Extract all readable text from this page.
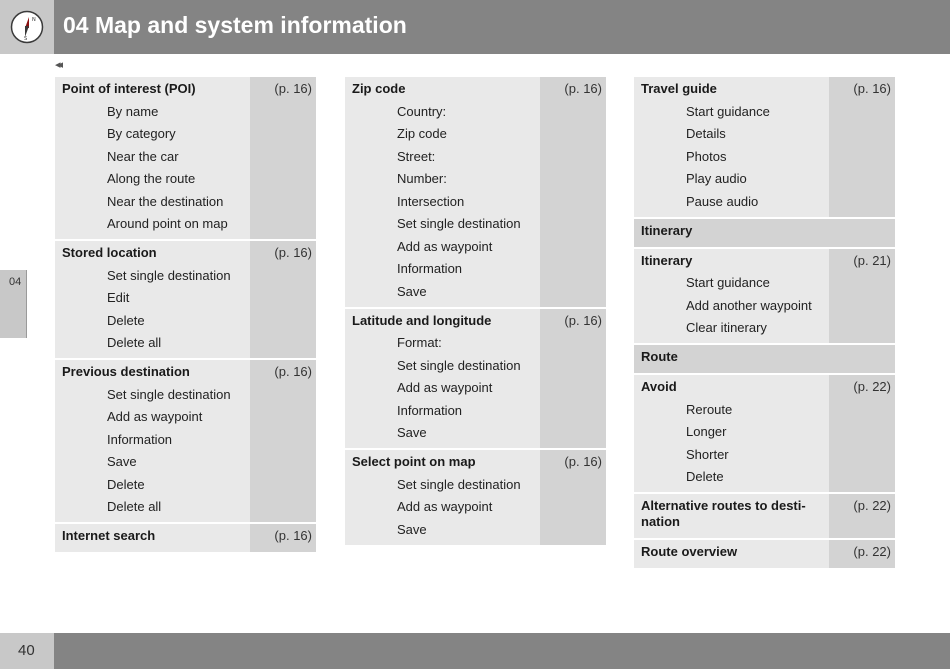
N
S
04 Map and system information
◂◂
04
Point of interest (POI)
By name
By category
Near the car
Along the route
Near the destination
Around point on map
(p. 16)
Stored location
Set single destination
Edit
Delete
Delete all
(p. 16)
Previous destination
Set single destination
Add as waypoint
Information
Save
Delete
Delete all
(p. 16)
Internet search	(p. 16)
Zip code
Country:
Zip code
Street:
Number:
Intersection
Set single destination
Add as waypoint
Information
Save
(p. 16)
Latitude and longitude
Format:
Set single destination
Add as waypoint
Information
Save
(p. 16)
Select point on map
Set single destination
Add as waypoint
Save
(p. 16)
Travel guide
Start guidance
Details
Photos
Play audio
Pause audio
(p. 16)
Itinerary
Itinerary
Start guidance
Add another waypoint
Clear itinerary
(p. 21)
Route
Avoid
Reroute
Longer
Shorter
Delete
(p. 22)
Alternative routes to desti-
nation
(p. 22)
Route overview	(p. 22)
40
